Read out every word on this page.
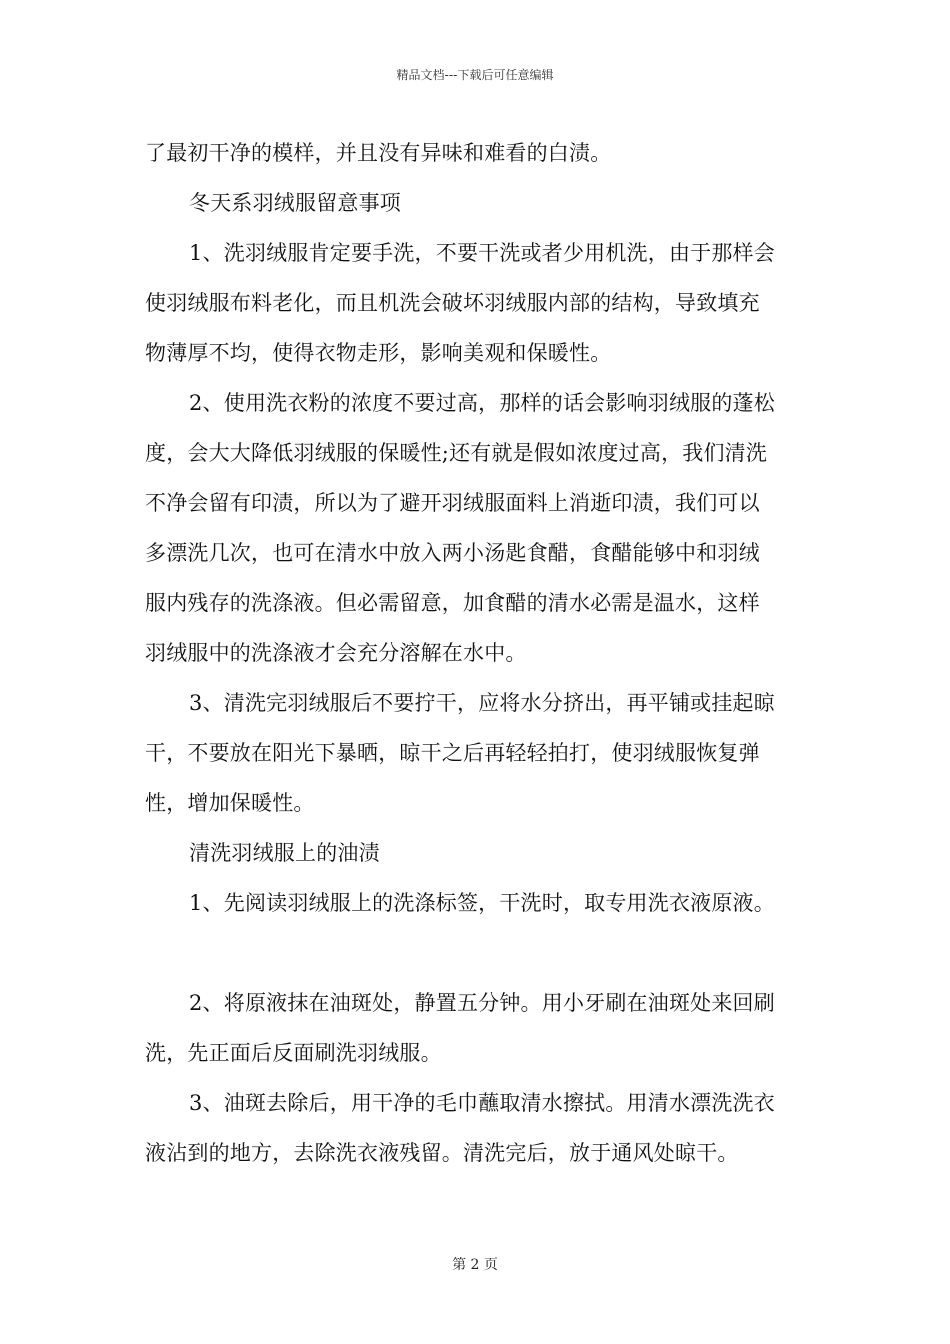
精品文档---下载后可任意编辑
了最初干净的模样，并且没有异味和难看的白渍。
冬天系羽绒服留意事项
1、洗羽绒服肯定要手洗，不要干洗或者少用机洗，由于那样会
使羽绒服布料老化，而且机洗会破坏羽绒服内部的结构，导致填充
物薄厚不均，使得衣物走形，影响美观和保暖性。
2、使用洗衣粉的浓度不要过高，那样的话会影响羽绒服的蓬松
度，会大大降低羽绒服的保暖性;还有就是假如浓度过高，我们清洗
不净会留有印渍，所以为了避开羽绒服面料上消逝印渍，我们可以
多漂洗几次，也可在清水中放入两小汤匙食醋，食醋能够中和羽绒
服内残存的洗涤液。但必需留意，加食醋的清水必需是温水，这样
羽绒服中的洗涤液才会充分溶解在水中。
3、清洗完羽绒服后不要拧干，应将水分挤出，再平铺或挂起晾
干，不要放在阳光下暴晒，晾干之后再轻轻拍打，使羽绒服恢复弹
性，增加保暖性。
清洗羽绒服上的油渍
1、先阅读羽绒服上的洗涤标签，干洗时，取专用洗衣液原液。
2、将原液抹在油斑处，静置五分钟。用小牙刷在油斑处来回刷
洗，先正面后反面刷洗羽绒服。
3、油斑去除后，用干净的毛巾蘸取清水擦拭。用清水漂洗洗衣
液沾到的地方，去除洗衣液残留。清洗完后，放于通风处晾干。
第 2 页
